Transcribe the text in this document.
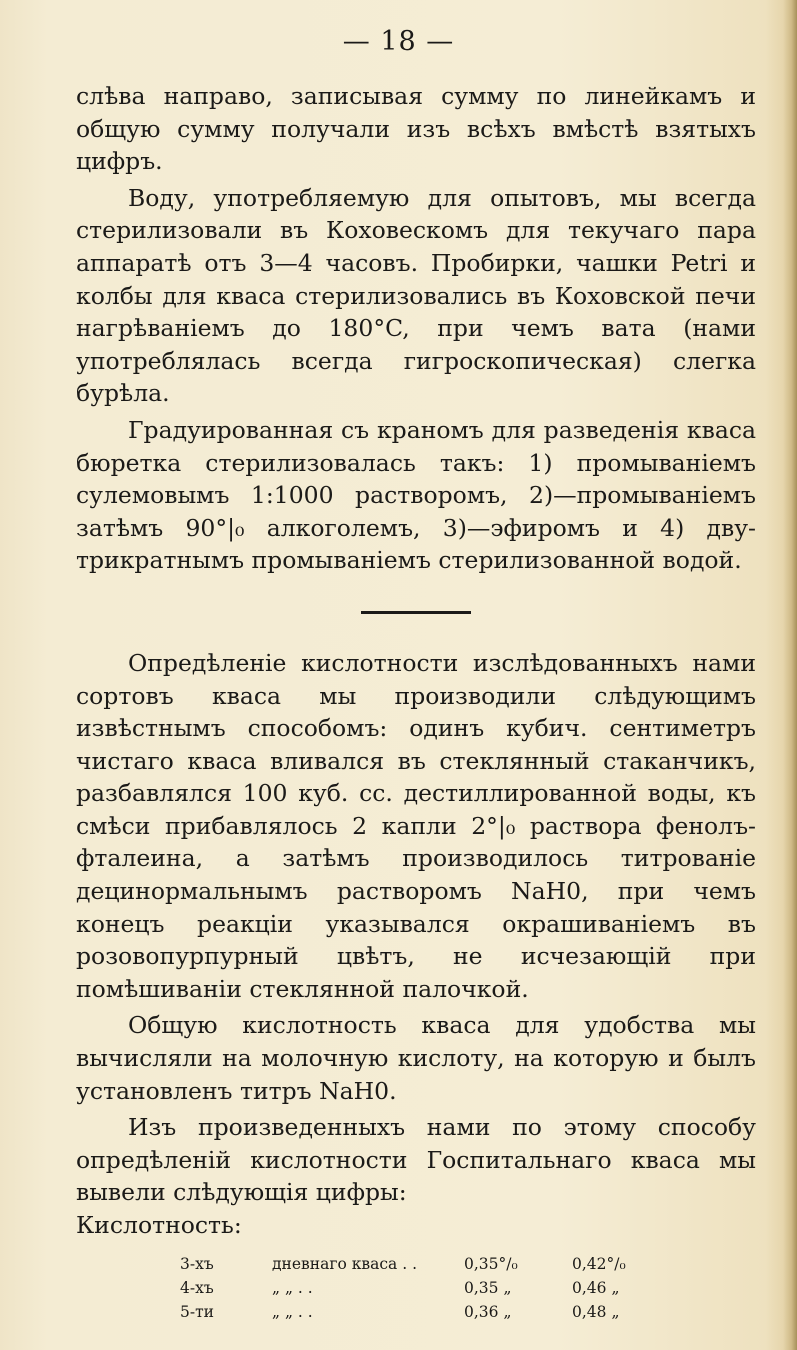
— 18 —

слѣва направо, записывая сумму по линейкамъ и общую сумму получали изъ всѣхъ вмѣстѣ взятыхъ цифръ.

Воду, употребляемую для опытовъ, мы всегда стерилизовали въ Коховескомъ для текучаго пара аппаратѣ отъ 3—4 часовъ. Пробирки, чашки Petri и колбы для кваса стерилизовались въ Коховской печи нагрѣваніемъ до 180°C, при чемъ вата (нами употреблялась всегда гигроскопическая) слегка бурѣла.

Градуированная съ краномъ для разведенія кваса бюретка стерилизовалась такъ: 1) промываніемъ сулемовымъ 1:1000 растворомъ, 2)—промываніемъ затѣмъ 90°|₀ алкоголемъ, 3)—эфиромъ и 4) дву-трикратнымъ промываніемъ стерилизованной водой.

Опредѣленіе кислотности изслѣдованныхъ нами сортовъ кваса мы производили слѣдующимъ извѣстнымъ способомъ: одинъ кубич. сентиметръ чистаго кваса вливался въ стеклянный стаканчикъ, разбавлялся 100 куб. сс. дестиллированной воды, къ смѣси прибавлялось 2 капли 2°|₀ раствора фенолъ-фталеина, а затѣмъ производилось титрованіе децинормальнымъ растворомъ NaH0, при чемъ конецъ реакціи указывался окрашиваніемъ въ розовопурпурный цвѣтъ, не исчезающій при помѣшиваніи стеклянной палочкой.

Общую кислотность кваса для удобства мы вычисляли на молочную кислоту, на которую и былъ установленъ титръ NaH0.

Изъ произведенныхъ нами по этому способу опредѣленій кислотности Госпитальнаго кваса мы вывели слѣдующія цифры:

Кислотность:

3-хъ	дневнаго кваса . .	0,35°/₀	0,42°/₀
4-хъ	„ „ . .	0,35 „	0,46 „
5-ти	„ „ . .	0,36 „	0,48 „
